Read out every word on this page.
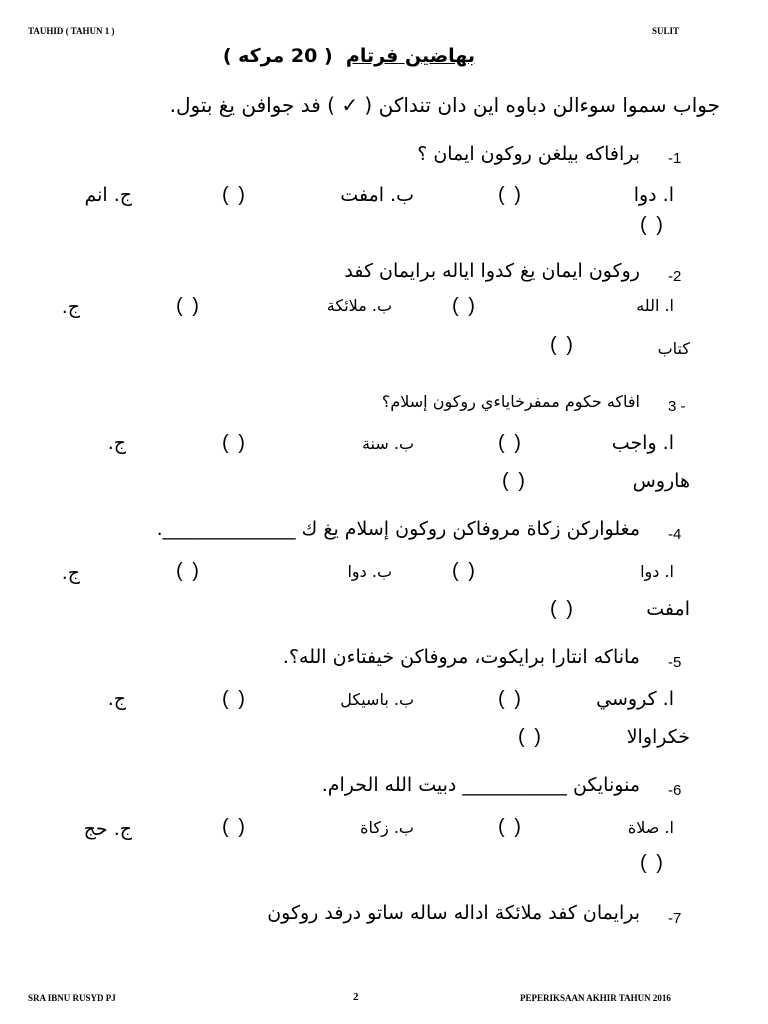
TAUHID ( TAHUN 1 )	SULIT
بهاضين فرتام  ( 20 مركه )
جواب سموا سوءالن دباوه اين دان تنداكن ( ✓ ) فد جوافن يغ بتول.
-1
برافاكه بيلغن روكون ايمان ؟
ا. دوا
( )
ب. امفت
( )
ج. انم
( )
-2
روكون ايمان يغ كدوا اياله برايمان كفد
ا. الله
( )
ب. ملائكة
( )
ج.
كتاب
( )
3 -
افاكه حكوم ممفرخاياءي روكون إسلام؟
ا. واجب
( )
ب. سنة
( )
ج.
هاروس
( )
-4
مغلواركن زكاة مروفاكن روكون إسلام يغ ك ______________.
ا. دوا
( )
ب. دوا
( )
ج.
امفت
( )
-5
ماناكه انتارا برايكوت، مروفاكن خيفتاءن الله؟.
ا. كروسي
( )
ب. باسيكل
( )
ج.
خكراوالا
( )
-6
منونايكن ___________ دبيت الله الحرام.
ا. صلاة
( )
ب. زكاة
( )
ج. حج
( )
-7
برايمان كفد ملائكة اداله ساله ساتو درفد روكون
SRA IBNU RUSYD PJ	2	PEPERIKSAAN AKHIR TAHUN 2016
